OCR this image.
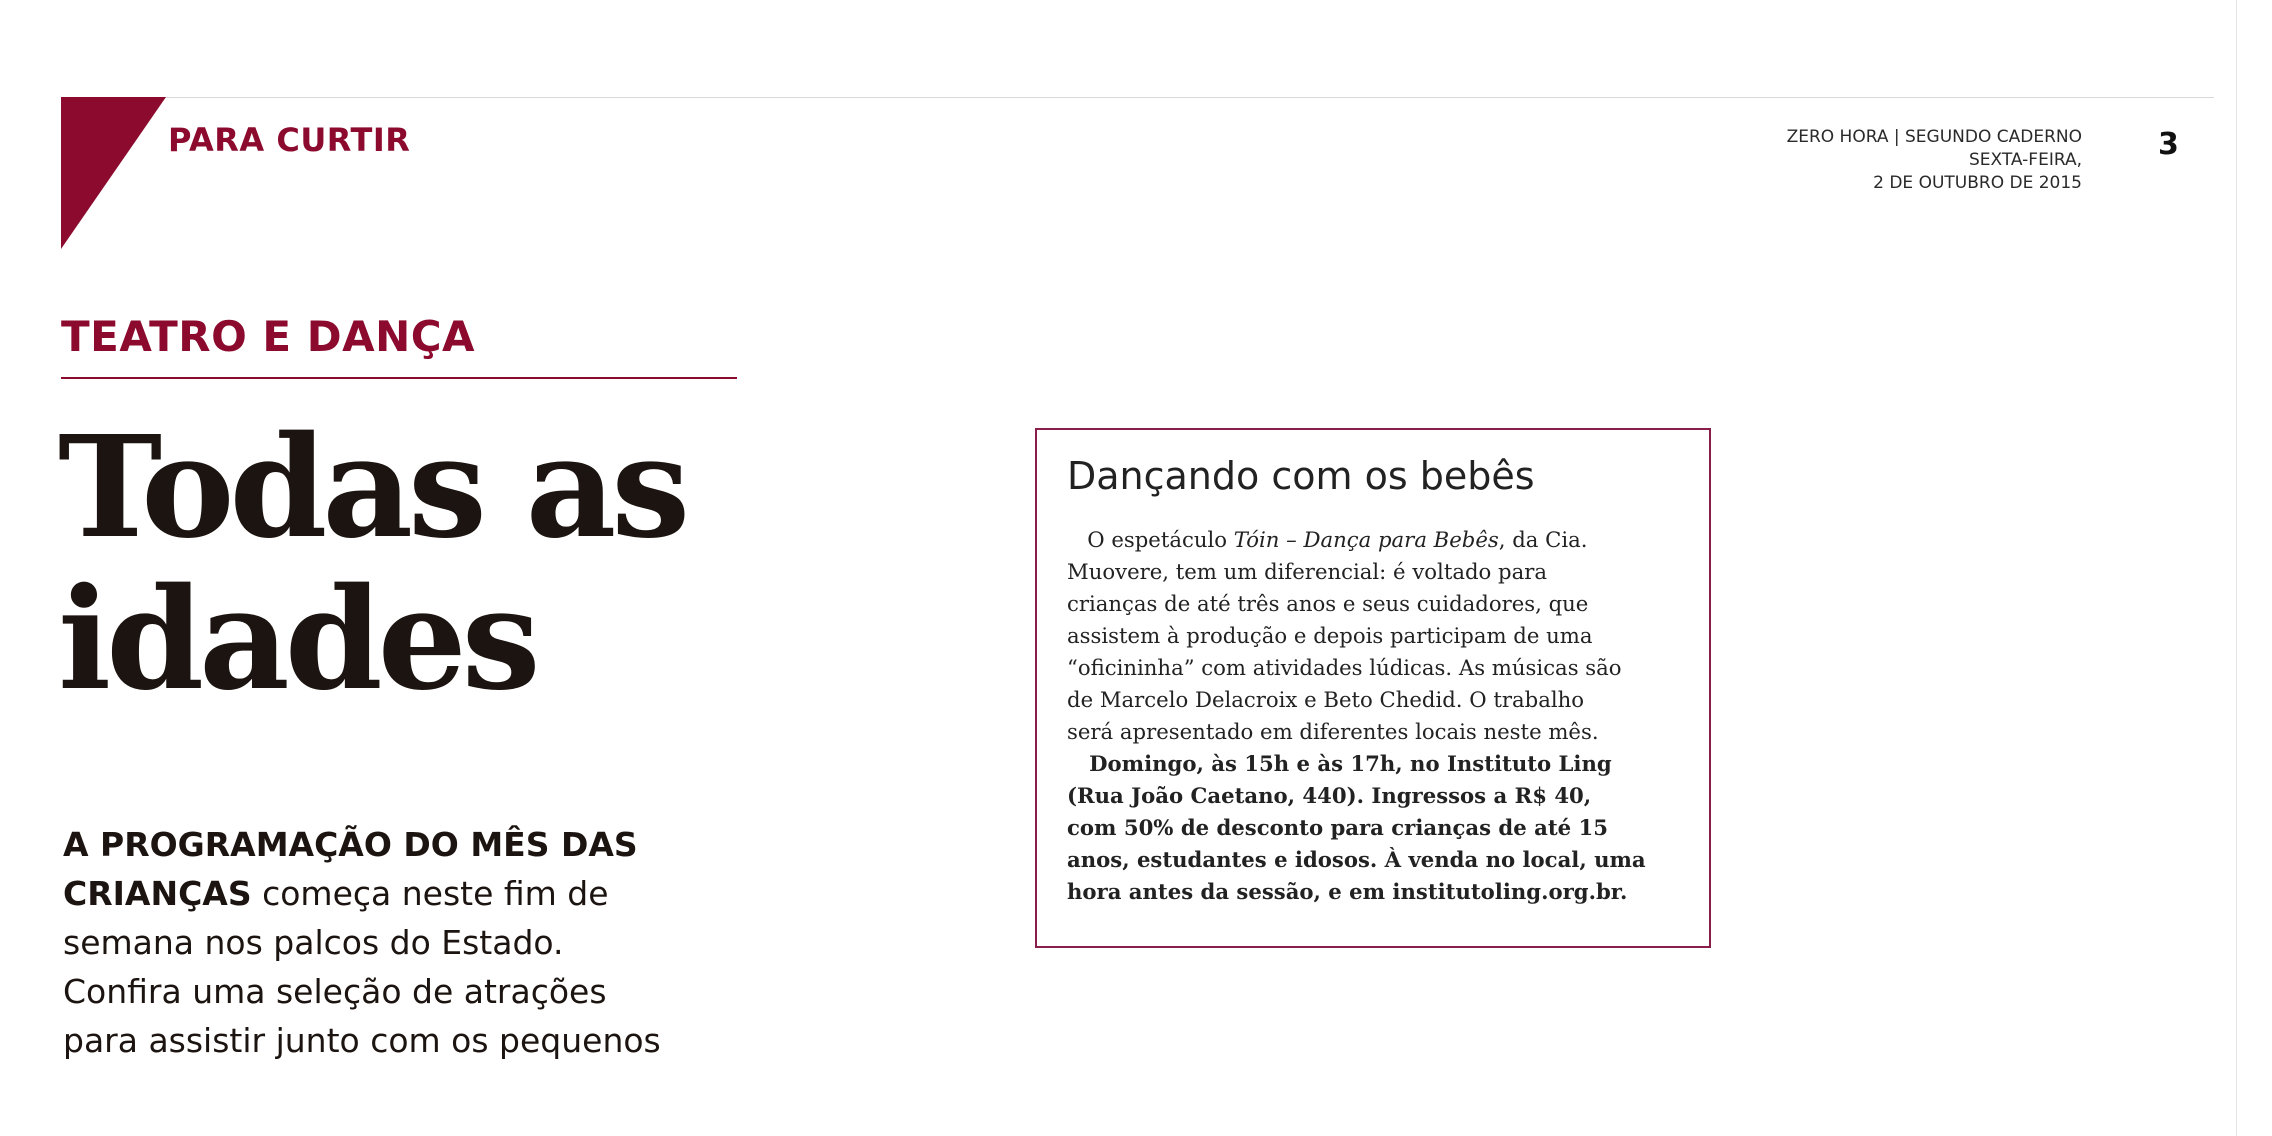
PARA CURTIR	ZERO HORA | SEGUNDO CADERNO
SEXTA-FEIRA,
2 DE OUTUBRO DE 2015
3
TEATRO E DANÇA
Todas as
idades
A PROGRAMAÇÃO DO MÊS DAS
CRIANÇAS começa neste fim de
semana nos palcos do Estado.
Confira uma seleção de atrações
para assistir junto com os pequenos
Dançando com os bebês

O espetáculo Tóin – Dança para Bebês, da Cia.

Muovere, tem um diferencial: é voltado para

crianças de até três anos e seus cuidadores, que

assistem à produção e depois participam de uma

“oficininha” com atividades lúdicas. As músicas são

de Marcelo Delacroix e Beto Chedid. O trabalho

será apresentado em diferentes locais neste mês.

Domingo, às 15h e às 17h, no Instituto Ling

(Rua João Caetano, 440). Ingressos a R$ 40,

com 50% de desconto para crianças de até 15

anos, estudantes e idosos. À venda no local, uma

hora antes da sessão, e em institutoling.org.br.
